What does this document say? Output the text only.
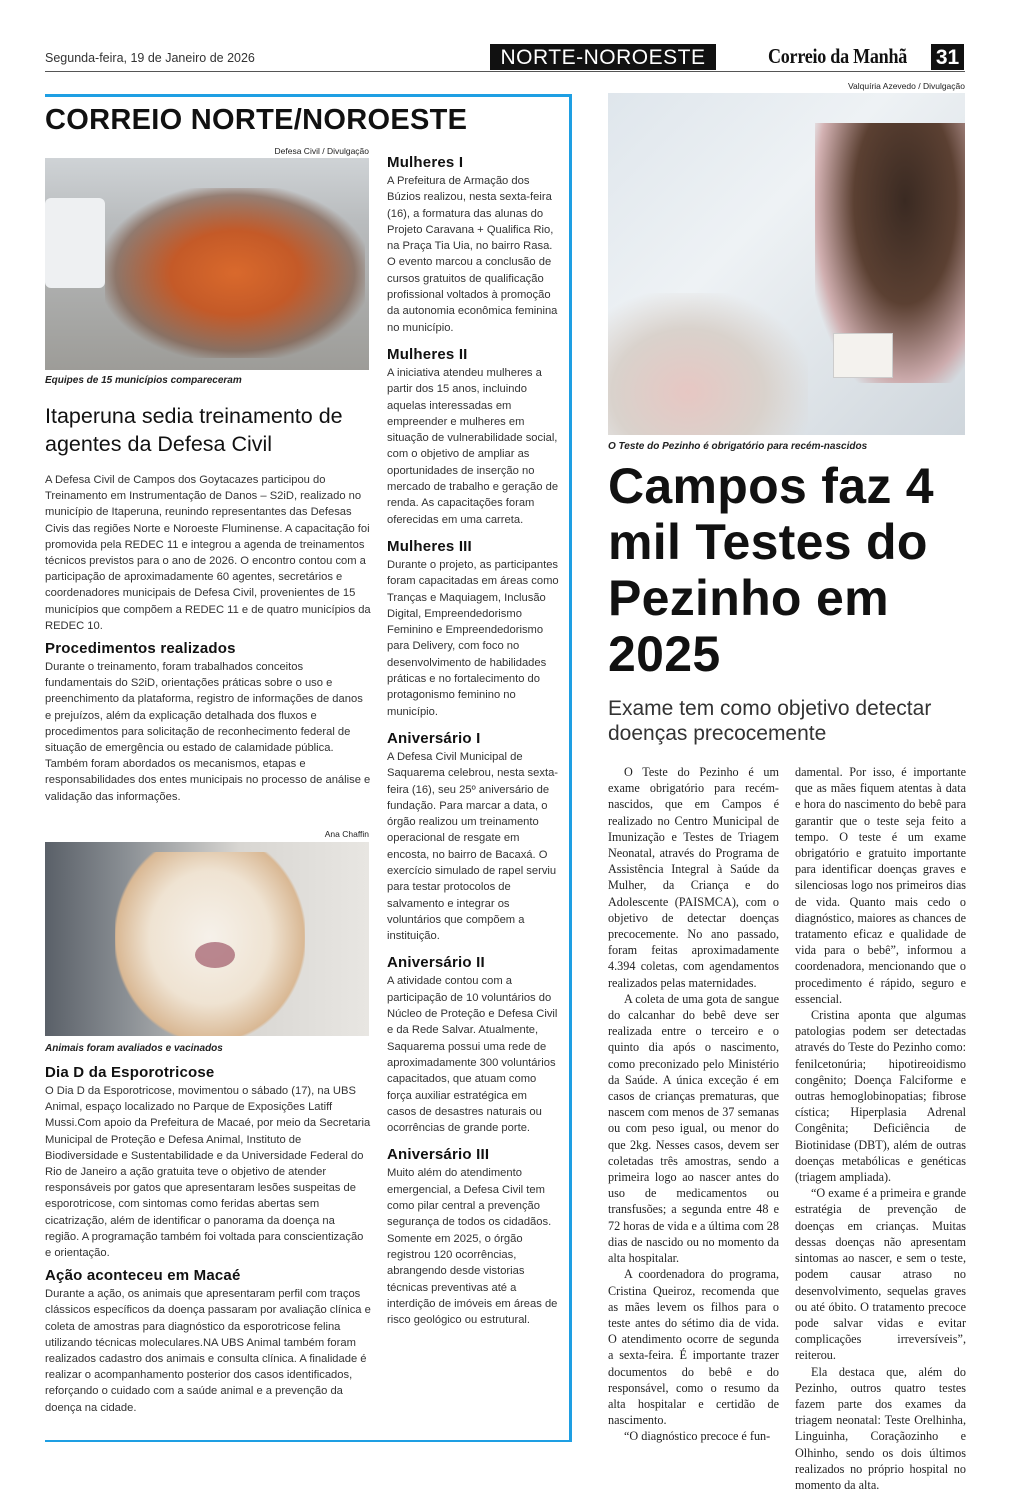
Segunda-feira, 19 de Janeiro de 2026	NORTE-NOROESTE	Correio da Manhã 31
CORREIO NORTE/NOROESTE
Defesa Civil / Divulgação
Equipes de 15 municípios compareceram
Itaperuna sedia treinamento de agentes da Defesa Civil
A Defesa Civil de Campos dos Goytacazes participou do Treinamento em Instrumentação de Danos – S2iD, realizado no município de Itaperuna, reunindo representantes das Defesas Civis das regiões Norte e Noroeste Fluminense. A capacitação foi promovida pela REDEC 11 e integrou a agenda de treinamentos técnicos previstos para o ano de 2026. O encontro contou com a participação de aproximadamente 60 agentes, secretários e coordenadores municipais de Defesa Civil, provenientes de 15 municípios que compõem a REDEC 11 e de quatro municípios da REDEC 10.
Procedimentos realizados
Durante o treinamento, foram trabalhados conceitos fundamentais do S2iD, orientações práticas sobre o uso e preenchimento da plataforma, registro de informações de danos e prejuízos, além da explicação detalhada dos fluxos e procedimentos para solicitação de reconhecimento federal de situação de emergência ou estado de calamidade pública. Também foram abordados os mecanismos, etapas e responsabilidades dos entes municipais no processo de análise e validação das informações.
Ana Chaffin
Animais foram avaliados e vacinados
Dia D da Esporotricose
O Dia D da Esporotricose, movimentou o sábado (17), na UBS Animal, espaço localizado no Parque de Exposições Latiff Mussi.Com apoio da Prefeitura de Macaé, por meio da Secretaria Municipal de Proteção e Defesa Animal, Instituto de Biodiversidade e Sustentabilidade e da Universidade Federal do Rio de Janeiro a ação gratuita teve o objetivo de atender responsáveis por gatos que apresentaram lesões suspeitas de esporotricose, com sintomas como feridas abertas sem cicatrização, além de identificar o panorama da doença na região. A programação também foi voltada para conscientização e orientação.
Ação aconteceu em Macaé
Durante a ação, os animais que apresentaram perfil com traços clássicos específicos da doença passaram por avaliação clínica e coleta de amostras para diagnóstico da esporotricose felina utilizando técnicas moleculares.NA UBS Animal também foram realizados cadastro dos animais e consulta clínica. A finalidade é realizar o acompanhamento posterior dos casos identificados, reforçando o cuidado com a saúde animal e a prevenção da doença na cidade.
Mulheres I
A Prefeitura de Armação dos Búzios realizou, nesta sexta-feira (16), a formatura das alunas do Projeto Caravana + Qualifica Rio, na Praça Tia Uia, no bairro Rasa. O evento marcou a conclusão de cursos gratuitos de qualificação profissional voltados à promoção da autonomia econômica feminina no município.
Mulheres II
A iniciativa atendeu mulheres a partir dos 15 anos, incluindo aquelas interessadas em empreender e mulheres em situação de vulnerabilidade social, com o objetivo de ampliar as oportunidades de inserção no mercado de trabalho e geração de renda. As capacitações foram oferecidas em uma carreta.
Mulheres III
Durante o projeto, as participantes foram capacitadas em áreas como Tranças e Maquiagem, Inclusão Digital, Empreendedorismo Feminino e Empreendedorismo para Delivery, com foco no desenvolvimento de habilidades práticas e no fortalecimento do protagonismo feminino no município.
Aniversário I
A Defesa Civil Municipal de Saquarema celebrou, nesta sexta-feira (16), seu 25º aniversário de fundação. Para marcar a data, o órgão realizou um treinamento operacional de resgate em encosta, no bairro de Bacaxá. O exercício simulado de rapel serviu para testar protocolos de salvamento e integrar os voluntários que compõem a instituição.
Aniversário II
A atividade contou com a participação de 10 voluntários do Núcleo de Proteção e Defesa Civil e da Rede Salvar. Atualmente, Saquarema possui uma rede de aproximadamente 300 voluntários capacitados, que atuam como força auxiliar estratégica em casos de desastres naturais ou ocorrências de grande porte.
Aniversário III
Muito além do atendimento emergencial, a Defesa Civil tem como pilar central a prevenção segurança de todos os cidadãos. Somente em 2025, o órgão registrou 120 ocorrências, abrangendo desde vistorias técnicas preventivas até a interdição de imóveis em áreas de risco geológico ou estrutural.
Valquíria Azevedo / Divulgação
O Teste do Pezinho é obrigatório para recém-nascidos
Campos faz 4 mil Testes do Pezinho em 2025
Exame tem como objetivo detectar doenças precocemente

O Teste do Pezinho é um exame obrigatório para recém-nascidos, que em Campos é realizado no Centro Municipal de Imunização e Testes de Triagem Neonatal, através do Programa de Assistência Integral à Saúde da Mulher, da Criança e do Adolescente (PAISMCA), com o objetivo de detectar doenças precocemente. No ano passado, foram feitas aproximadamente 4.394 coletas, com agendamentos realizados pelas maternidades.

A coleta de uma gota de sangue do calcanhar do bebê deve ser realizada entre o terceiro e o quinto dia após o nascimento, como preconizado pelo Ministério da Saúde. A única exceção é em casos de crianças prematuras, que nascem com menos de 37 semanas ou com peso igual, ou menor do que 2kg. Nesses casos, devem ser coletadas três amostras, sendo a primeira logo ao nascer antes do uso de medicamentos ou transfusões; a segunda entre 48 e 72 horas de vida e a última com 28 dias de nascido ou no momento da alta hospitalar.

A coordenadora do programa, Cristina Queiroz, recomenda que as mães levem os filhos para o teste antes do sétimo dia de vida. O atendimento ocorre de segunda a sexta-feira. É importante trazer documentos do bebê e do responsável, como o resumo da alta hospitalar e certidão de nascimento.

“O diagnóstico precoce é fun-

damental. Por isso, é importante que as mães fiquem atentas à data e hora do nascimento do bebê para garantir que o teste seja feito a tempo. O teste é um exame obrigatório e gratuito importante para identificar doenças graves e silenciosas logo nos primeiros dias de vida. Quanto mais cedo o diagnóstico, maiores as chances de tratamento eficaz e qualidade de vida para o bebê”, informou a coordenadora, mencionando que o procedimento é rápido, seguro e essencial.

Cristina aponta que algumas patologias podem ser detectadas através do Teste do Pezinho como: fenilcetonúria; hipotireoidismo congênito; Doença Falciforme e outras hemoglobinopatias; fibrose cística; Hiperplasia Adrenal Congênita; Deficiência de Biotinidase (DBT), além de outras doenças metabólicas e genéticas (triagem ampliada).

“O exame é a primeira e grande estratégia de prevenção de doenças em crianças. Muitas dessas doenças não apresentam sintomas ao nascer, e sem o teste, podem causar atraso no desenvolvimento, sequelas graves ou até óbito. O tratamento precoce pode salvar vidas e evitar complicações irreversíveis”, reiterou.

Ela destaca que, além do Pezinho, outros quatro testes fazem parte dos exames da triagem neonatal: Teste Orelhinha, Linguinha, Coraçãozinho e Olhinho, sendo os dois últimos realizados no próprio hospital no momento da alta.
